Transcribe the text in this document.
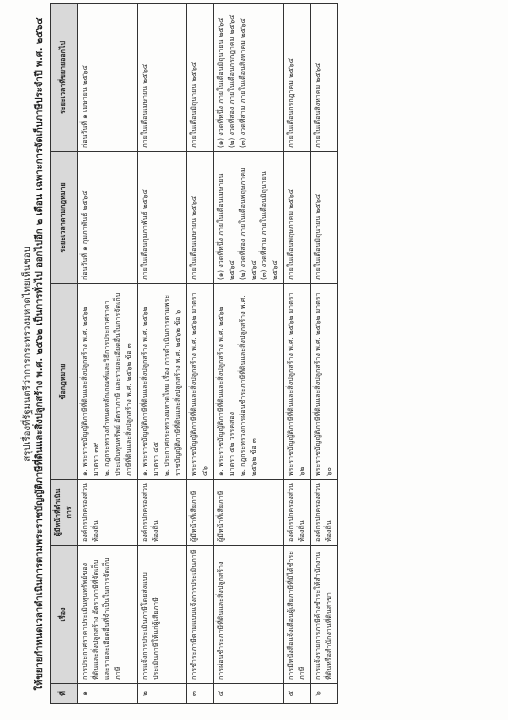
สรุปเรื่องที่รัฐมนตรีว่าการกระทรวงมหาดไทยเห็นชอบ ให้ขยายกำหนดเวลาดำเนินการตามพระราชบัญญัติภาษีที่ดินและสิ่งปลูกสร้าง พ.ศ. ๒๕๖๒ เป็นการทั่วไป ออกไปอีก ๒ เดือน เฉพาะการจัดเก็บภาษีประจำปี พ.ศ. ๒๕๖๔
ที่	เรื่อง	ผู้มีหน้าที่ดำเนินการ	ข้อกฎหมาย	ระยะเวลาตามกฎหมาย	ระยะเวลาที่ขยายออกไป
๑	การประกาศราคาประเมินทุนทรัพย์ของที่ดินและสิ่งปลูกสร้าง อัตราภาษีที่จัดเก็บ และรายละเอียดอื่นที่จำเป็นในการจัดเก็บภาษี	องค์กรปกครองส่วนท้องถิ่น	๑. พระราชบัญญัติภาษีที่ดินและสิ่งปลูกสร้าง พ.ศ. ๒๕๖๒ มาตรา ๓๙ ๒. กฎกระทรวงกำหนดหลักเกณฑ์และวิธีการประกาศราคาประเมินทุนทรัพย์ อัตราภาษี และรายละเอียดอื่นในการจัดเก็บภาษีที่ดินและสิ่งปลูกสร้าง พ.ศ. ๒๕๖๒ ข้อ ๓	ก่อนวันที่ ๑ กุมภาพันธ์ ๒๕๖๔	ก่อนวันที่ ๑ เมษายน ๒๕๖๔

๒	การแจ้งการประเมินภาษีโดยส่งแบบประเมินภาษีให้แก่ผู้เสียภาษี	องค์กรปกครองส่วนท้องถิ่น	๑. พระราชบัญญัติภาษีที่ดินและสิ่งปลูกสร้าง พ.ศ. ๒๕๖๒ มาตรา ๔๕ ๒. ประกาศกระทรวงมหาดไทย เรื่อง การดำเนินการตามพระราชบัญญัติภาษีที่ดินและสิ่งปลูกสร้าง พ.ศ. ๒๕๖๒ ข้อ ๖	ภายในเดือนกุมภาพันธ์ ๒๕๖๔	ภายในเดือนเมษายน ๒๕๖๔

๓	การชำระภาษีตามแบบแจ้งการประเมินภาษี	ผู้มีหน้าที่เสียภาษี	พระราชบัญญัติภาษีที่ดินและสิ่งปลูกสร้าง พ.ศ. ๒๕๖๒ มาตรา ๔๖	ภายในเดือนเมษายน ๒๕๖๔	ภายในเดือนมิถุนายน ๒๕๖๔

๔	การผ่อนชำระภาษีที่ดินและสิ่งปลูกสร้าง	ผู้มีหน้าที่เสียภาษี	๑. พระราชบัญญัติภาษีที่ดินและสิ่งปลูกสร้าง พ.ศ. ๒๕๖๒ มาตรา ๕๒ วรรคสอง ๒. กฎกระทรวงการผ่อนชำระภาษีที่ดินและสิ่งปลูกสร้าง พ.ศ. ๒๕๖๒ ข้อ ๓	(๑) งวดที่หนึ่ง ภายในเดือนเมษายน ๒๕๖๔ (๒) งวดที่สอง ภายในเดือนพฤษภาคม ๒๕๖๔ (๓) งวดที่สาม ภายในเดือนมิถุนายน ๒๕๖๔	(๑) งวดที่หนึ่ง ภายในเดือนมิถุนายน ๒๕๖๔ (๒) งวดที่สอง ภายในเดือนกรกฎาคม ๒๕๖๔ (๓) งวดที่สาม ภายในเดือนสิงหาคม ๒๕๖๔

๕	การมีหนังสือแจ้งเตือนผู้เสียภาษีที่มิได้ชำระภาษี	องค์กรปกครองส่วนท้องถิ่น	พระราชบัญญัติภาษีที่ดินและสิ่งปลูกสร้าง พ.ศ. ๒๕๖๒ มาตรา ๖๒	ภายในเดือนพฤษภาคม ๒๕๖๔	ภายในเดือนกรกฎาคม ๒๕๖๔

๖	การแจ้งรายการภาษีค้างชำระให้สำนักงานที่ดินหรือสำนักงานที่ดินสาขา	องค์กรปกครองส่วนท้องถิ่น	พระราชบัญญัติภาษีที่ดินและสิ่งปลูกสร้าง พ.ศ. ๒๕๖๒ มาตรา ๖๐	ภายในเดือนมิถุนายน ๒๕๖๔	ภายในเดือนสิงหาคม ๒๕๖๔
